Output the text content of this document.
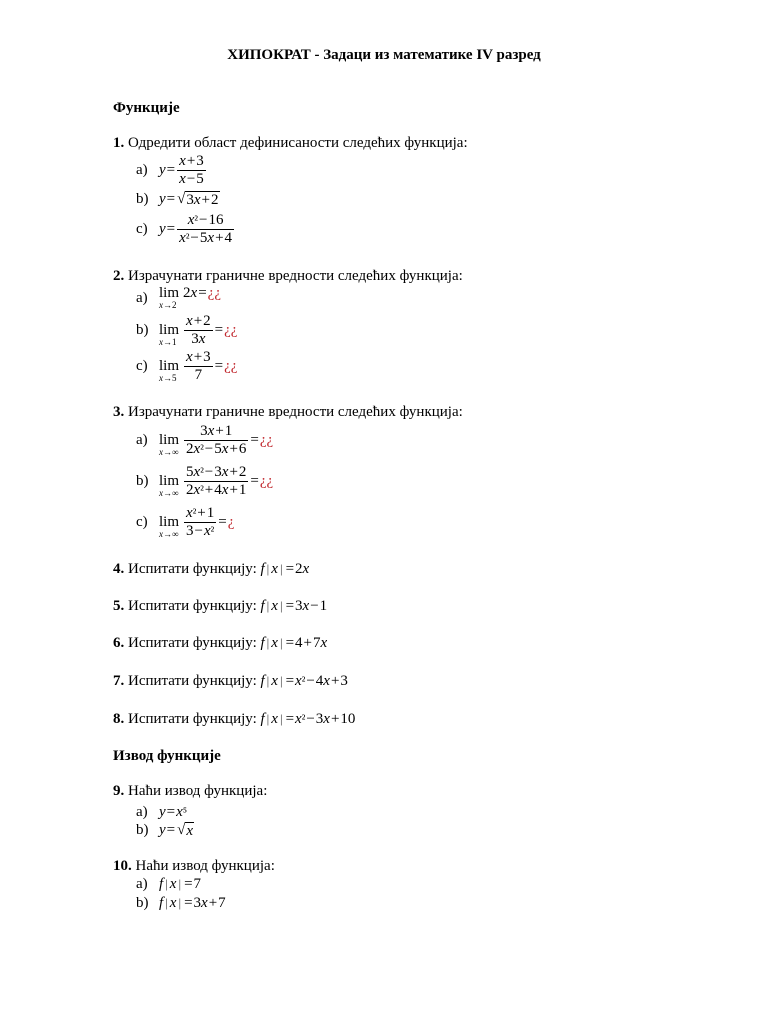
ХИПОКРАТ - Задаци из математике IV разред
Функције
1. Одредити област дефинисаности следећих функција:
a) $y= \frac{x+3}{x-5}$
b) y= √ 3x+2
c) $y= \frac{\text{x²−16}}{\text{x²−5x+4}}$
2. Израчунати граничне вредности следећих функција:
a) lim
x→2
2x=¿¿
b) lim
$x\to 1 \frac{x+2}{3x}$ =¿¿
c) lim
$x\to 5 \frac{x+3}{7}$ =¿¿
3. Израчунати граничне вредности следећих функција:
a) lim
$x\to\infty \frac{3x+1}{\text{2x²−5x+6}}$ =¿¿
b) lim
$x\to\infty \frac{\text{5x²−3x+2}}{\text{2x²+4x+1}}$ =¿¿
c) lim
$x\to\infty \frac{\text{x²+1}}{\text{3−x²}}$ =¿
4. Испитати функцију: f | x | =2x
5. Испитати функцију: f | x | =3x−1
6. Испитати функцију: f | x | =4+7x
7. Испитати функцију: f | x | =x²−4x+3
8. Испитати функцију: f | x | =x²−3x+10
Извод функције
9. Наћи извод функција:
a) y=x⁵
b) y= √ x
10. Наћи извод функција:
a) f | x | =7
b) f | x | =3x+7
